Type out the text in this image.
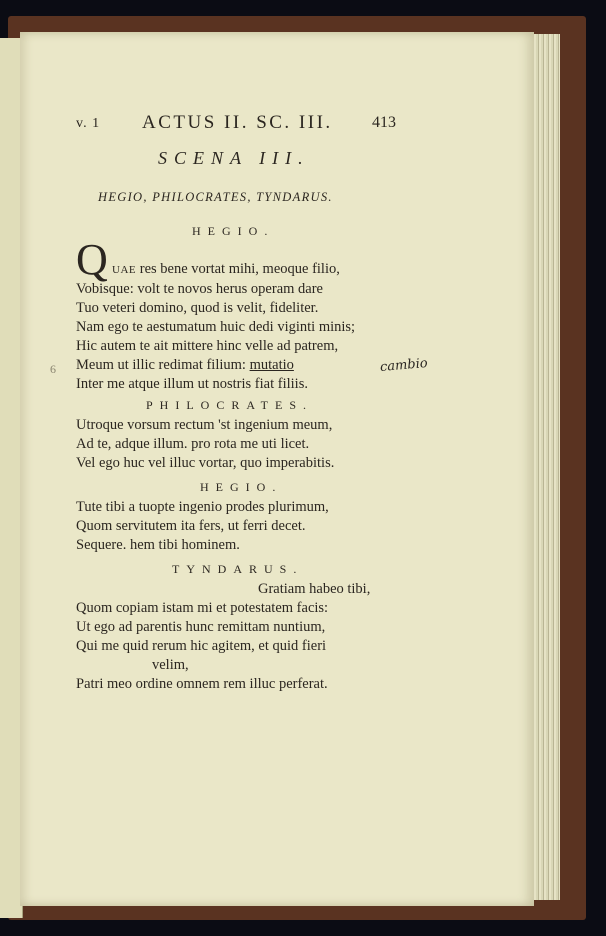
v. 1 ACTUS II. SC. III. 413

SCENA III.

HEGIO, PHILOCRATES, TYNDARUS.

HEGIO.

Q UAE res bene vortat mihi, meoque filio,
Vobisque: volt te novos herus operam dare
Tuo veteri domino, quod is velit, fideliter.
Nam ego te aestumatum huic dedi viginti minis;
Hic autem te ait mittere hinc velle ad patrem,
Meum ut illic redimat filium: mutatio
Inter me atque illum ut nostris fiat filiis.

cambio

6

PHILOCRATES.

Utroque vorsum rectum 'st ingenium meum,
Ad te, adque illum. pro rota me uti licet.
Vel ego huc vel illuc vortar, quo imperabitis.

HEGIO.

Tute tibi a tuopte ingenio prodes plurimum,
Quom servitutem ita fers, ut ferri decet.
Sequere. hem tibi hominem.

TYNDARUS.

Gratiam habeo tibi,
Quom copiam istam mi et potestatem facis:
Ut ego ad parentis hunc remittam nuntium,
Qui me quid rerum hic agitem, et quid fieri
velim,
Patri meo ordine omnem rem illuc perferat.
